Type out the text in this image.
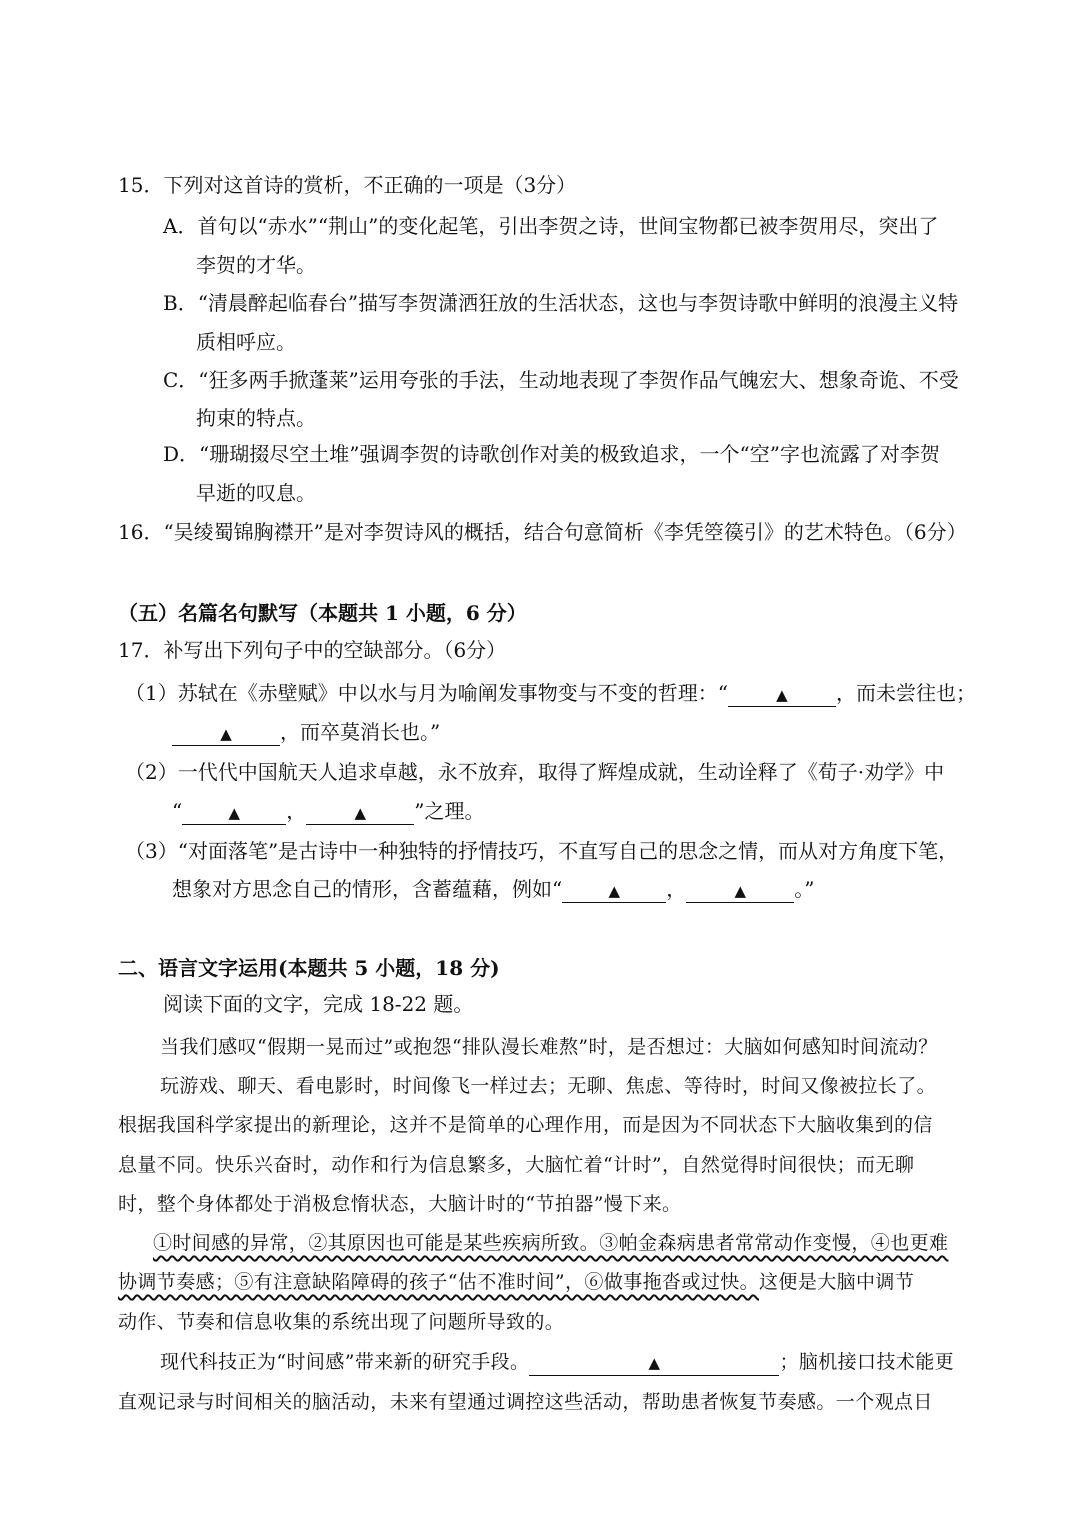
15．下列对这首诗的赏析，不正确的一项是（3分）
A．首句以“赤水”“荆山”的变化起笔，引出李贺之诗，世间宝物都已被李贺用尽，突出了
李贺的才华。
B．“清晨醉起临春台”描写李贺潇洒狂放的生活状态，这也与李贺诗歌中鲜明的浪漫主义特
质相呼应。
C．“狂多两手掀蓬莱”运用夸张的手法，生动地表现了李贺作品气魄宏大、想象奇诡、不受
拘束的特点。
D．“珊瑚掇尽空土堆”强调李贺的诗歌创作对美的极致追求，一个“空”字也流露了对李贺
早逝的叹息。
16．“吴绫蜀锦胸襟开”是对李贺诗风的概括，结合句意简析《李凭箜篌引》的艺术特色。（6分）
（五）名篇名句默写（本题共 1 小题，6 分）
17．补写出下列句子中的空缺部分。（6分）
（1）苏轼在《赤壁赋》中以水与月为喻阐发事物变与不变的哲理：“	▲ ，而未尝往也；
▲ ，而卒莫消长也。”
（2）一代代中国航天人追求卓越，永不放弃，取得了辉煌成就，生动诠释了《荀子·劝学》中
“	▲ ，	▲ ”之理。
（3）“对面落笔”是古诗中一种独特的抒情技巧，不直写自己的思念之情，而从对方角度下笔，
想象对方思念自己的情形，含蓄蕴藉，例如“	▲ ，	▲ 。”
二、语言文字运用(本题共 5 小题，18 分)
阅读下面的文字，完成 18-22 题。
当我们感叹“假期一晃而过”或抱怨“排队漫长难熬”时，是否想过：大脑如何感知时间流动？
玩游戏、聊天、看电影时，时间像飞一样过去；无聊、焦虑、等待时，时间又像被拉长了。
根据我国科学家提出的新理论，这并不是简单的心理作用，而是因为不同状态下大脑收集到的信
息量不同。快乐兴奋时，动作和行为信息繁多，大脑忙着“计时”，自然觉得时间很快；而无聊
时，整个身体都处于消极怠惰状态，大脑计时的“节拍器”慢下来。
①时间感的异常，②其原因也可能是某些疾病所致。③帕金森病患者常常动作变慢，④也更难
协调节奏感；⑤有注意缺陷障碍的孩子“估不准时间”，⑥做事拖沓或过快。这便是大脑中调节
动作、节奏和信息收集的系统出现了问题所导致的。
现代科技正为“时间感”带来新的研究手段。	▲	；脑机接口技术能更
直观记录与时间相关的脑活动，未来有望通过调控这些活动，帮助患者恢复节奏感。一个观点日
